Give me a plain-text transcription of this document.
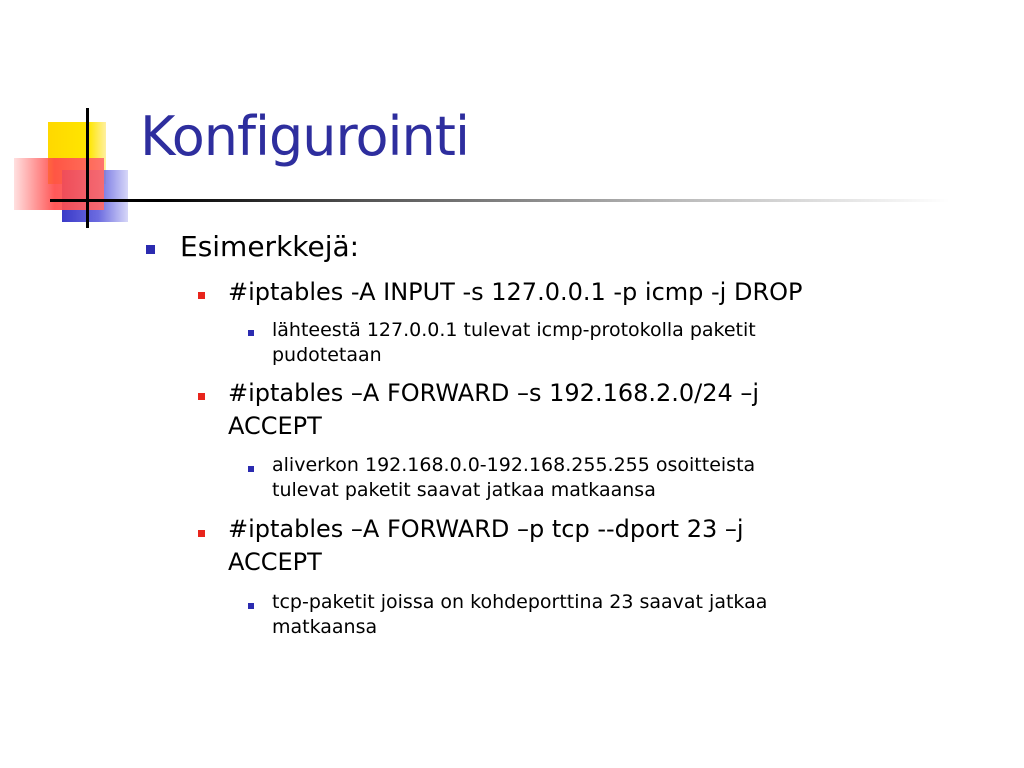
Konfigurointi
Esimerkkejä:
#iptables -A INPUT -s 127.0.0.1 -p icmp -j DROP
lähteestä 127.0.0.1 tulevat icmp-protokolla paketit
pudotetaan
#iptables –A FORWARD –s 192.168.2.0/24 –j
ACCEPT
aliverkon 192.168.0.0-192.168.255.255 osoitteista
tulevat paketit saavat jatkaa matkaansa
#iptables –A FORWARD –p tcp --dport 23 –j
ACCEPT
tcp-paketit joissa on kohdeporttina 23 saavat jatkaa
matkaansa
